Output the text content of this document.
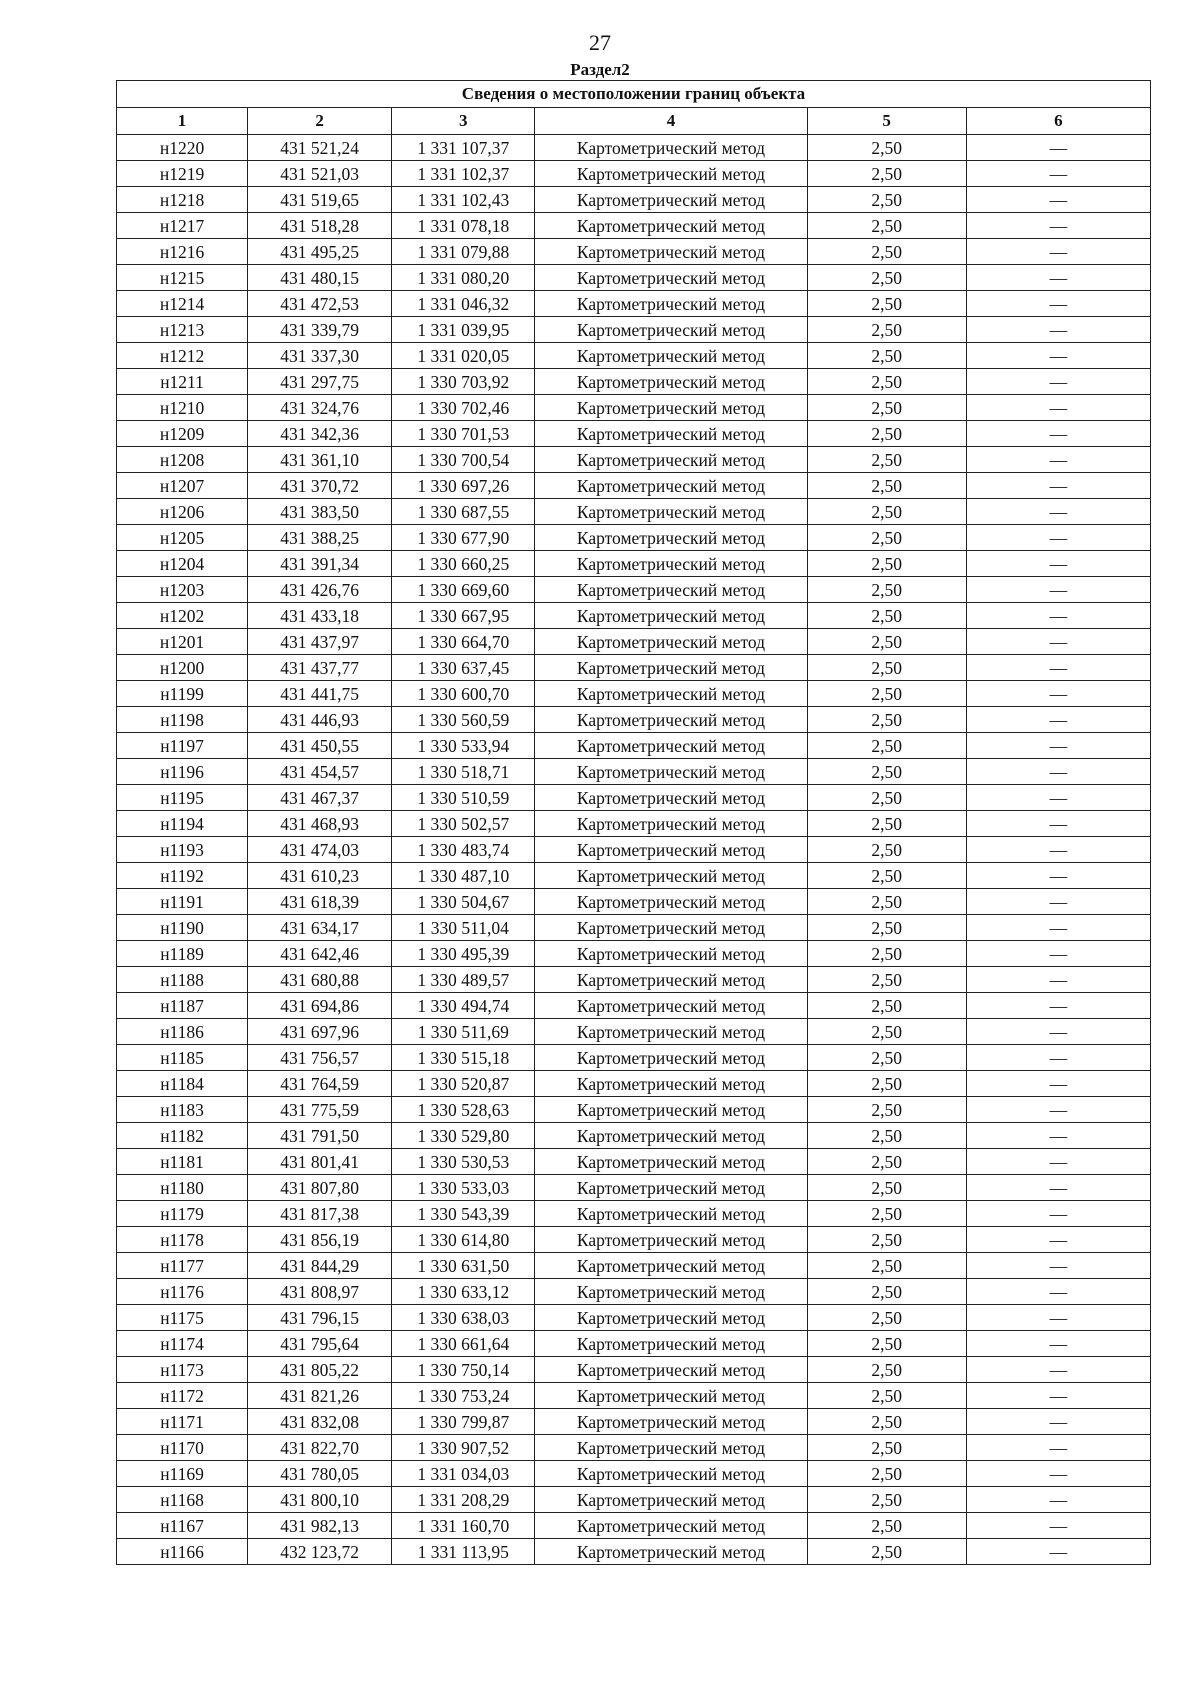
27
Раздел2
Сведения о местоположении границ объекта					
1	2	3	4	5	6
н1220	431 521,24	1 331 107,37	Картометрический метод	2,50	—
н1219	431 521,03	1 331 102,37	Картометрический метод	2,50	—
н1218	431 519,65	1 331 102,43	Картометрический метод	2,50	—
н1217	431 518,28	1 331 078,18	Картометрический метод	2,50	—
н1216	431 495,25	1 331 079,88	Картометрический метод	2,50	—
н1215	431 480,15	1 331 080,20	Картометрический метод	2,50	—
н1214	431 472,53	1 331 046,32	Картометрический метод	2,50	—
н1213	431 339,79	1 331 039,95	Картометрический метод	2,50	—
н1212	431 337,30	1 331 020,05	Картометрический метод	2,50	—
н1211	431 297,75	1 330 703,92	Картометрический метод	2,50	—
н1210	431 324,76	1 330 702,46	Картометрический метод	2,50	—
н1209	431 342,36	1 330 701,53	Картометрический метод	2,50	—
н1208	431 361,10	1 330 700,54	Картометрический метод	2,50	—
н1207	431 370,72	1 330 697,26	Картометрический метод	2,50	—
н1206	431 383,50	1 330 687,55	Картометрический метод	2,50	—
н1205	431 388,25	1 330 677,90	Картометрический метод	2,50	—
н1204	431 391,34	1 330 660,25	Картометрический метод	2,50	—
н1203	431 426,76	1 330 669,60	Картометрический метод	2,50	—
н1202	431 433,18	1 330 667,95	Картометрический метод	2,50	—
н1201	431 437,97	1 330 664,70	Картометрический метод	2,50	—
н1200	431 437,77	1 330 637,45	Картометрический метод	2,50	—
н1199	431 441,75	1 330 600,70	Картометрический метод	2,50	—
н1198	431 446,93	1 330 560,59	Картометрический метод	2,50	—
н1197	431 450,55	1 330 533,94	Картометрический метод	2,50	—
н1196	431 454,57	1 330 518,71	Картометрический метод	2,50	—
н1195	431 467,37	1 330 510,59	Картометрический метод	2,50	—
н1194	431 468,93	1 330 502,57	Картометрический метод	2,50	—
н1193	431 474,03	1 330 483,74	Картометрический метод	2,50	—
н1192	431 610,23	1 330 487,10	Картометрический метод	2,50	—
н1191	431 618,39	1 330 504,67	Картометрический метод	2,50	—
н1190	431 634,17	1 330 511,04	Картометрический метод	2,50	—
н1189	431 642,46	1 330 495,39	Картометрический метод	2,50	—
н1188	431 680,88	1 330 489,57	Картометрический метод	2,50	—
н1187	431 694,86	1 330 494,74	Картометрический метод	2,50	—
н1186	431 697,96	1 330 511,69	Картометрический метод	2,50	—
н1185	431 756,57	1 330 515,18	Картометрический метод	2,50	—
н1184	431 764,59	1 330 520,87	Картометрический метод	2,50	—
н1183	431 775,59	1 330 528,63	Картометрический метод	2,50	—
н1182	431 791,50	1 330 529,80	Картометрический метод	2,50	—
н1181	431 801,41	1 330 530,53	Картометрический метод	2,50	—
н1180	431 807,80	1 330 533,03	Картометрический метод	2,50	—
н1179	431 817,38	1 330 543,39	Картометрический метод	2,50	—
н1178	431 856,19	1 330 614,80	Картометрический метод	2,50	—
н1177	431 844,29	1 330 631,50	Картометрический метод	2,50	—
н1176	431 808,97	1 330 633,12	Картометрический метод	2,50	—
н1175	431 796,15	1 330 638,03	Картометрический метод	2,50	—
н1174	431 795,64	1 330 661,64	Картометрический метод	2,50	—
н1173	431 805,22	1 330 750,14	Картометрический метод	2,50	—
н1172	431 821,26	1 330 753,24	Картометрический метод	2,50	—
н1171	431 832,08	1 330 799,87	Картометрический метод	2,50	—
н1170	431 822,70	1 330 907,52	Картометрический метод	2,50	—
н1169	431 780,05	1 331 034,03	Картометрический метод	2,50	—
н1168	431 800,10	1 331 208,29	Картометрический метод	2,50	—
н1167	431 982,13	1 331 160,70	Картометрический метод	2,50	—
н1166	432 123,72	1 331 113,95	Картометрический метод	2,50	—
